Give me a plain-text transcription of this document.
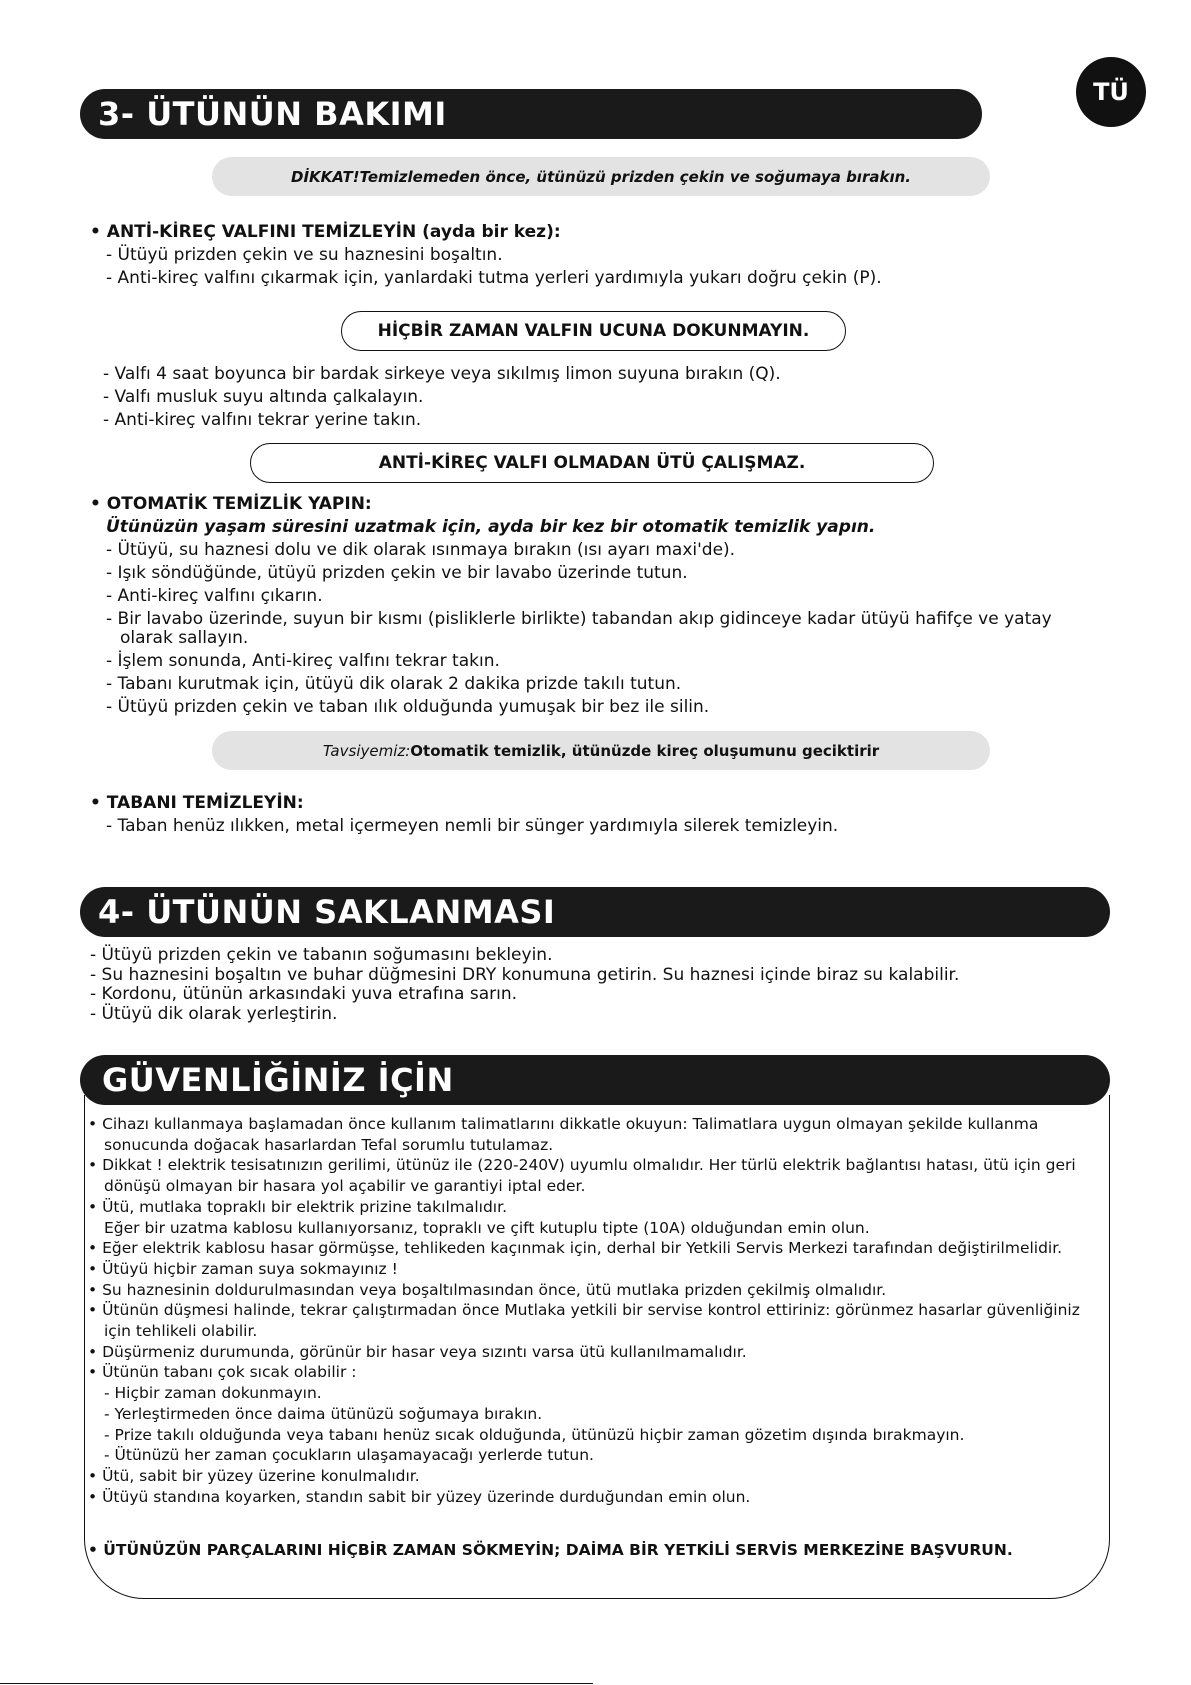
TÜ
3- ÜTÜNÜN BAKIMI
DİKKAT! Temizlemeden önce, ütünüzü prizden çekin ve soğumaya bırakın.
• ANTİ-KİREÇ VALFINI TEMİZLEYİN (ayda bir kez):
- Ütüyü prizden çekin ve su haznesini boşaltın.
- Anti-kireç valfını çıkarmak için, yanlardaki tutma yerleri yardımıyla yukarı doğru çekin (P).
HİÇBİR ZAMAN VALFIN UCUNA DOKUNMAYIN.
- Valfı 4 saat boyunca bir bardak sirkeye veya sıkılmış limon suyuna bırakın (Q).
- Valfı musluk suyu altında çalkalayın.
- Anti-kireç valfını tekrar yerine takın.
ANTİ-KİREÇ VALFI OLMADAN ÜTÜ ÇALIŞMAZ.
• OTOMATİK TEMİZLİK YAPIN:
Ütünüzün yaşam süresini uzatmak için, ayda bir kez bir otomatik temizlik yapın.
- Ütüyü, su haznesi dolu ve dik olarak ısınmaya bırakın (ısı ayarı maxi'de).
- Işık söndüğünde, ütüyü prizden çekin ve bir lavabo üzerinde tutun.
- Anti-kireç valfını çıkarın.
- Bir lavabo üzerinde, suyun bir kısmı (pisliklerle birlikte) tabandan akıp gidinceye kadar ütüyü hafifçe ve yatay
olarak sallayın.
- İşlem sonunda, Anti-kireç valfını tekrar takın.
- Tabanı kurutmak için, ütüyü dik olarak 2 dakika prizde takılı tutun.
- Ütüyü prizden çekin ve taban ılık olduğunda yumuşak bir bez ile silin.
Tavsiyemiz: Otomatik temizlik, ütünüzde kireç oluşumunu geciktirir
• TABANI TEMİZLEYİN:
- Taban henüz ılıkken, metal içermeyen nemli bir sünger yardımıyla silerek temizleyin.
4- ÜTÜNÜN SAKLANMASI
- Ütüyü prizden çekin ve tabanın soğumasını bekleyin.
- Su haznesini boşaltın ve buhar düğmesini DRY konumuna getirin. Su haznesi içinde biraz su kalabilir.
- Kordonu, ütünün arkasındaki yuva etrafına sarın.
- Ütüyü dik olarak yerleştirin.
GÜVENLİĞİNİZ İÇİN
• Cihazı kullanmaya başlamadan önce kullanım talimatlarını dikkatle okuyun: Talimatlara uygun olmayan şekilde kullanma
sonucunda doğacak hasarlardan Tefal sorumlu tutulamaz.
• Dikkat ! elektrik tesisatınızın gerilimi, ütünüz ile (220-240V) uyumlu olmalıdır. Her türlü elektrik bağlantısı hatası, ütü için geri
dönüşü olmayan bir hasara yol açabilir ve garantiyi iptal eder.
• Ütü, mutlaka topraklı bir elektrik prizine takılmalıdır.
Eğer bir uzatma kablosu kullanıyorsanız, topraklı ve çift kutuplu tipte (10A) olduğundan emin olun.
• Eğer elektrik kablosu hasar görmüşse, tehlikeden kaçınmak için, derhal bir Yetkili Servis Merkezi tarafından değiştirilmelidir.
• Ütüyü hiçbir zaman suya sokmayınız !
• Su haznesinin doldurulmasından veya boşaltılmasından önce, ütü mutlaka prizden çekilmiş olmalıdır.
• Ütünün düşmesi halinde, tekrar çalıştırmadan önce Mutlaka yetkili bir servise kontrol ettiriniz: görünmez hasarlar güvenliğiniz
için tehlikeli olabilir.
• Düşürmeniz durumunda, görünür bir hasar veya sızıntı varsa ütü kullanılmamalıdır.
• Ütünün tabanı çok sıcak olabilir :
- Hiçbir zaman dokunmayın.
- Yerleştirmeden önce daima ütünüzü soğumaya bırakın.
- Prize takılı olduğunda veya tabanı henüz sıcak olduğunda, ütünüzü hiçbir zaman gözetim dışında bırakmayın.
- Ütünüzü her zaman çocukların ulaşamayacağı yerlerde tutun.
• Ütü, sabit bir yüzey üzerine konulmalıdır.
• Ütüyü standına koyarken, standın sabit bir yüzey üzerinde durduğundan emin olun.
• ÜTÜNÜZÜN PARÇALARINI HİÇBİR ZAMAN SÖKMEYİN; DAİMA BİR YETKİLİ SERVİS MERKEZİNE BAŞVURUN.
